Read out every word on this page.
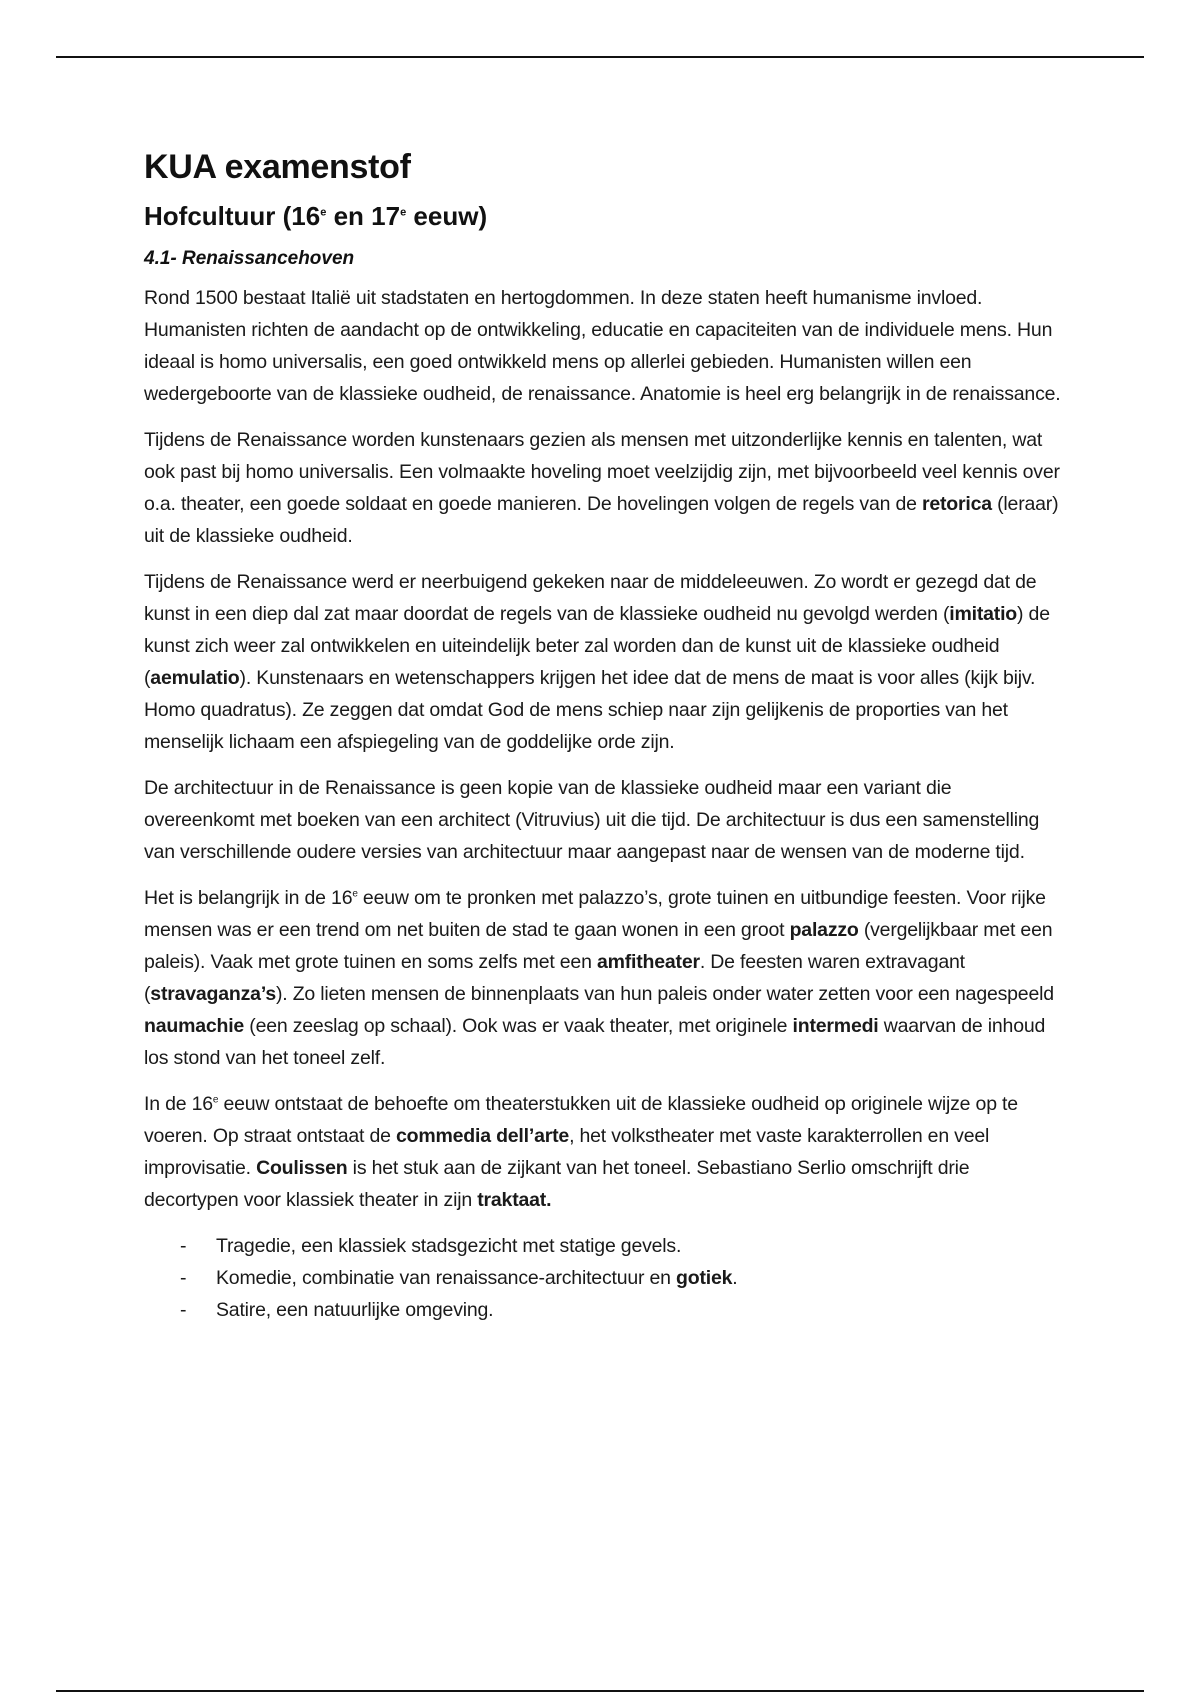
KUA examenstof
Hofcultuur (16e en 17e eeuw)
4.1- Renaissancehoven

Rond 1500 bestaat Italië uit stadstaten en hertogdommen. In deze staten heeft humanisme invloed. Humanisten richten de aandacht op de ontwikkeling, educatie en capaciteiten van de individuele mens. Hun ideaal is homo universalis, een goed ontwikkeld mens op allerlei gebieden. Humanisten willen een wedergeboorte van de klassieke oudheid, de renaissance. Anatomie is heel erg belangrijk in de renaissance.

Tijdens de Renaissance worden kunstenaars gezien als mensen met uitzonderlijke kennis en talenten, wat ook past bij homo universalis. Een volmaakte hoveling moet veelzijdig zijn, met bijvoorbeeld veel kennis over o.a. theater, een goede soldaat en goede manieren. De hovelingen volgen de regels van de retorica (leraar) uit de klassieke oudheid.

Tijdens de Renaissance werd er neerbuigend gekeken naar de middeleeuwen. Zo wordt er gezegd dat de kunst in een diep dal zat maar doordat de regels van de klassieke oudheid nu gevolgd werden (imitatio) de kunst zich weer zal ontwikkelen en uiteindelijk beter zal worden dan de kunst uit de klassieke oudheid (aemulatio). Kunstenaars en wetenschappers krijgen het idee dat de mens de maat is voor alles (kijk bijv. Homo quadratus). Ze zeggen dat omdat God de mens schiep naar zijn gelijkenis de proporties van het menselijk lichaam een afspiegeling van de goddelijke orde zijn.

De architectuur in de Renaissance is geen kopie van de klassieke oudheid maar een variant die overeenkomt met boeken van een architect (Vitruvius) uit die tijd. De architectuur is dus een samenstelling van verschillende oudere versies van architectuur maar aangepast naar de wensen van de moderne tijd.

Het is belangrijk in de 16e eeuw om te pronken met palazzo’s, grote tuinen en uitbundige feesten. Voor rijke mensen was er een trend om net buiten de stad te gaan wonen in een groot palazzo (vergelijkbaar met een paleis). Vaak met grote tuinen en soms zelfs met een amfitheater. De feesten waren extravagant (stravaganza’s). Zo lieten mensen de binnenplaats van hun paleis onder water zetten voor een nagespeeld naumachie (een zeeslag op schaal). Ook was er vaak theater, met originele intermedi waarvan de inhoud los stond van het toneel zelf.

In de 16e eeuw ontstaat de behoefte om theaterstukken uit de klassieke oudheid op originele wijze op te voeren. Op straat ontstaat de commedia dell’arte, het volkstheater met vaste karakterrollen en veel improvisatie. Coulissen is het stuk aan de zijkant van het toneel. Sebastiano Serlio omschrijft drie decortypen voor klassiek theater in zijn traktaat.

- Tragedie, een klassiek stadsgezicht met statige gevels.
- Komedie, combinatie van renaissance-architectuur en gotiek.
- Satire, een natuurlijke omgeving.
